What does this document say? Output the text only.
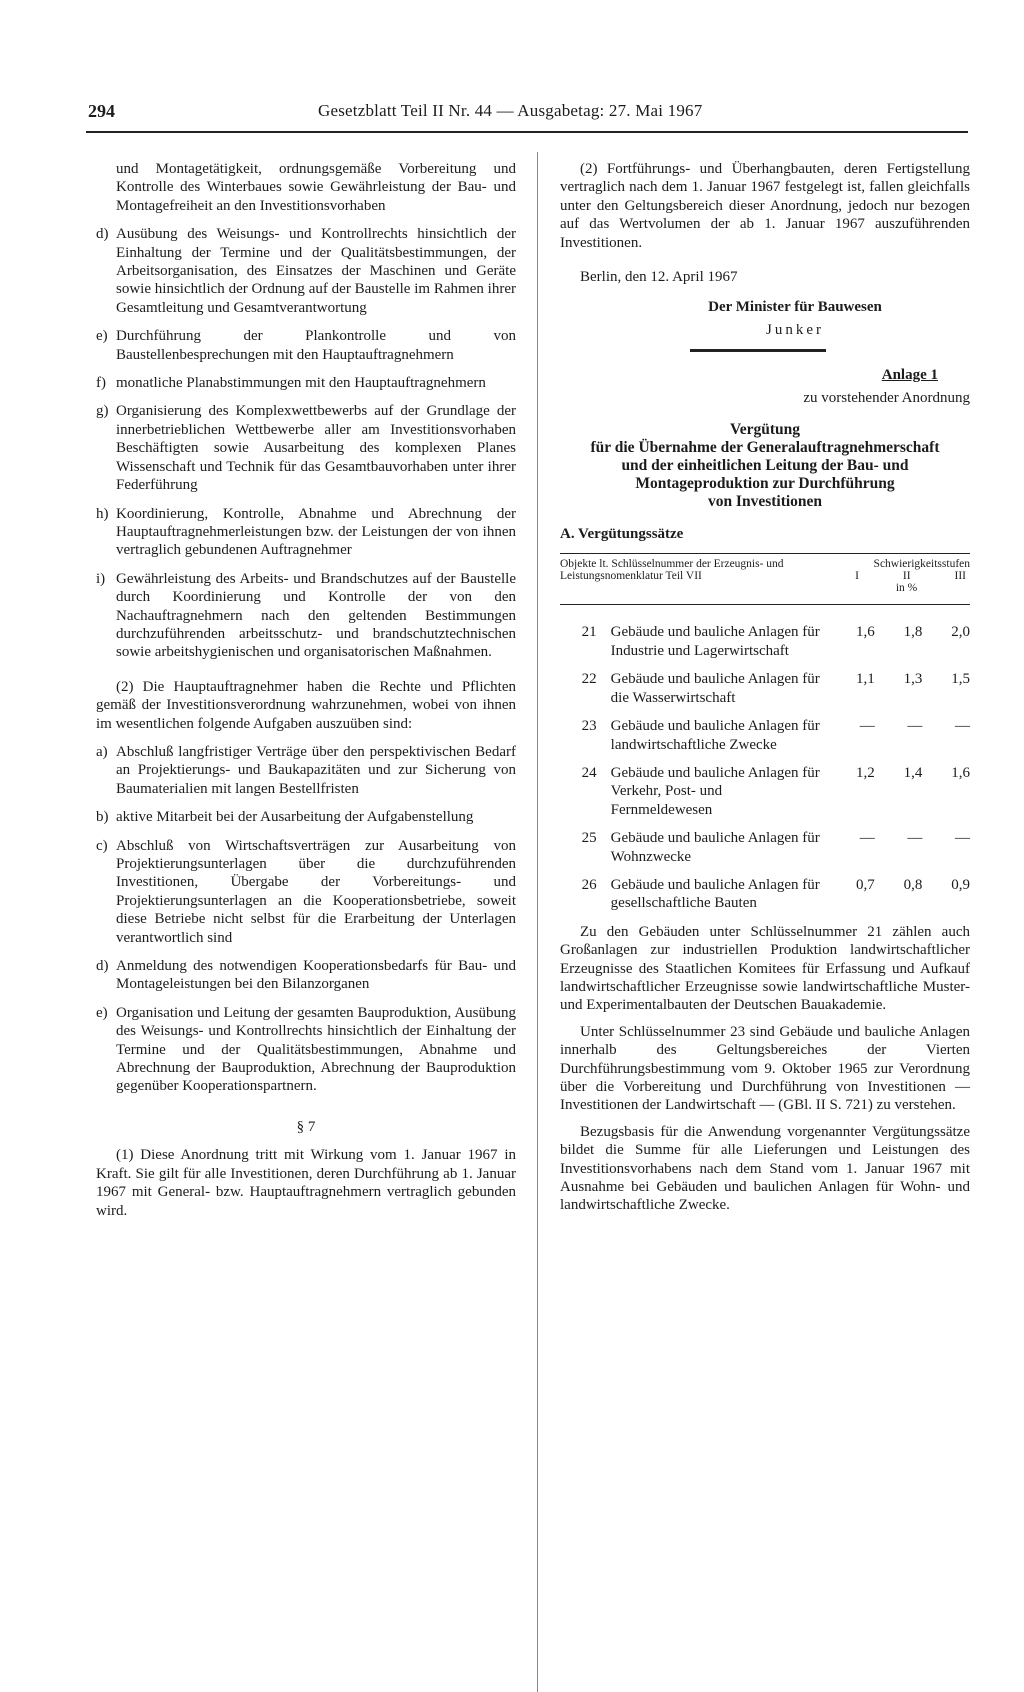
294	Gesetzblatt Teil II Nr. 44 — Ausgabetag: 27. Mai 1967

und Montagetätigkeit, ordnungsgemäße Vorbereitung und Kontrolle des Winterbaues sowie Gewährleistung der Bau- und Montagefreiheit an den Investitionsvorhaben

d) Ausübung des Weisungs- und Kontrollrechts hinsichtlich der Einhaltung der Termine und der Qualitätsbestimmungen, der Arbeitsorganisation, des Einsatzes der Maschinen und Geräte sowie hinsichtlich der Ordnung auf der Baustelle im Rahmen ihrer Gesamtleitung und Gesamtverantwortung
e) Durchführung der Plankontrolle und von Baustellenbesprechungen mit den Hauptauftragnehmern
f) monatliche Planabstimmungen mit den Hauptauftragnehmern
g) Organisierung des Komplexwettbewerbs auf der Grundlage der innerbetrieblichen Wettbewerbe aller am Investitionsvorhaben Beschäftigten sowie Ausarbeitung des komplexen Planes Wissenschaft und Technik für das Gesamtbauvorhaben unter ihrer Federführung
h) Koordinierung, Kontrolle, Abnahme und Abrechnung der Hauptauftragnehmerleistungen bzw. der Leistungen der von ihnen vertraglich gebundenen Auftragnehmer
i) Gewährleistung des Arbeits- und Brandschutzes auf der Baustelle durch Koordinierung und Kontrolle der von den Nachauftragnehmern nach den geltenden Bestimmungen durchzuführenden arbeitsschutz- und brandschutztechnischen sowie arbeitshygienischen und organisatorischen Maßnahmen.

(2) Die Hauptauftragnehmer haben die Rechte und Pflichten gemäß der Investitionsverordnung wahrzunehmen, wobei von ihnen im wesentlichen folgende Aufgaben auszuüben sind:

a) Abschluß langfristiger Verträge über den perspektivischen Bedarf an Projektierungs- und Baukapazitäten und zur Sicherung von Baumaterialien mit langen Bestellfristen
b) aktive Mitarbeit bei der Ausarbeitung der Aufgabenstellung
c) Abschluß von Wirtschaftsverträgen zur Ausarbeitung von Projektierungsunterlagen über die durchzuführenden Investitionen, Übergabe der Vorbereitungs- und Projektierungsunterlagen an die Kooperationsbetriebe, soweit diese Betriebe nicht selbst für die Erarbeitung der Unterlagen verantwortlich sind
d) Anmeldung des notwendigen Kooperationsbedarfs für Bau- und Montageleistungen bei den Bilanzorganen
e) Organisation und Leitung der gesamten Bauproduktion, Ausübung des Weisungs- und Kontrollrechts hinsichtlich der Einhaltung der Termine und der Qualitätsbestimmungen, Abnahme und Abrechnung der Bauproduktion, Abrechnung der Bauproduktion gegenüber Kooperationspartnern.

§ 7

(1) Diese Anordnung tritt mit Wirkung vom 1. Januar 1967 in Kraft. Sie gilt für alle Investitionen, deren Durchführung ab 1. Januar 1967 mit General- bzw. Hauptauftragnehmern vertraglich gebunden wird.

(2) Fortführungs- und Überhangbauten, deren Fertigstellung vertraglich nach dem 1. Januar 1967 festgelegt ist, fallen gleichfalls unter den Geltungsbereich dieser Anordnung, jedoch nur bezogen auf das Wertvolumen der ab 1. Januar 1967 auszuführenden Investitionen.

Berlin, den 12. April 1967

Der Minister für Bauwesen

Junker

Anlage 1
zu vorstehender Anordnung
Vergütung
für die Übernahme der Generalauftragnehmerschaft
und der einheitlichen Leitung der Bau- und
Montageproduktion zur Durchführung
von Investitionen

A. Vergütungssätze

Objekte lt. Schlüsselnummer der Erzeugnis- und Leistungsnomenklatur Teil VII		Schwierigkeitsstufen
I II III
in %		

21	Gebäude und bauliche Anlagen für Industrie und Lagerwirtschaft	1,6	1,8	2,0
22	Gebäude und bauliche Anlagen für die Wasserwirtschaft	1,1	1,3	1,5
23	Gebäude und bauliche Anlagen für landwirtschaftliche Zwecke	—	—	—
24	Gebäude und bauliche Anlagen für Verkehr, Post- und Fernmeldewesen	1,2	1,4	1,6
25	Gebäude und bauliche Anlagen für Wohnzwecke	—	—	—
26	Gebäude und bauliche Anlagen für gesellschaftliche Bauten	0,7	0,8	0,9

Zu den Gebäuden unter Schlüsselnummer 21 zählen auch Großanlagen zur industriellen Produktion landwirtschaftlicher Erzeugnisse des Staatlichen Komitees für Erfassung und Aufkauf landwirtschaftlicher Erzeugnisse sowie landwirtschaftliche Muster- und Experimentalbauten der Deutschen Bauakademie.

Unter Schlüsselnummer 23 sind Gebäude und bauliche Anlagen innerhalb des Geltungsbereiches der Vierten Durchführungsbestimmung vom 9. Oktober 1965 zur Verordnung über die Vorbereitung und Durchführung von Investitionen — Investitionen der Landwirtschaft — (GBl. II S. 721) zu verstehen.

Bezugsbasis für die Anwendung vorgenannter Vergütungssätze bildet die Summe für alle Lieferungen und Leistungen des Investitionsvorhabens nach dem Stand vom 1. Januar 1967 mit Ausnahme bei Gebäuden und baulichen Anlagen für Wohn- und landwirtschaftliche Zwecke.
